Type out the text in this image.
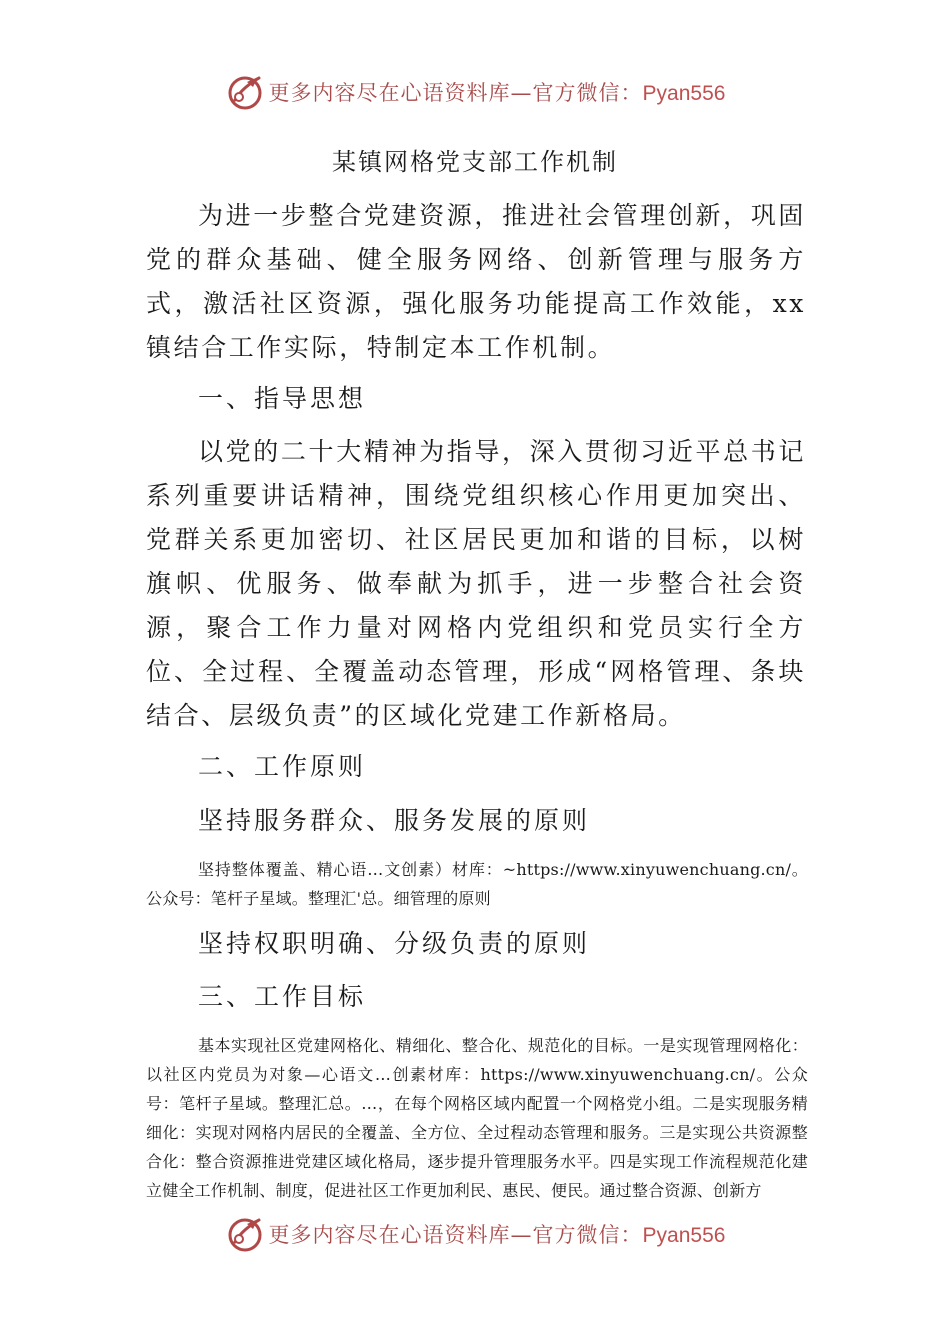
更多内容尽在心语资料库—官方微信：Pyan556
某镇网格党支部工作机制

为进一步整合党建资源，推进社会管理创新，巩固党的群众基础、健全服务网络、创新管理与服务方式，激活社区资源，强化服务功能提高工作效能，xx镇结合工作实际，特制定本工作机制。

一、指导思想

以党的二十大精神为指导，深入贯彻习近平总书记系列重要讲话精神，围绕党组织核心作用更加突出、党群关系更加密切、社区居民更加和谐的目标，以树旗帜、优服务、做奉献为抓手，进一步整合社会资源，聚合工作力量对网格内党组织和党员实行全方位、全过程、全覆盖动态管理，形成“网格管理、条块结合、层级负责”的区域化党建工作新格局。

二、工作原则

坚持服务群众、服务发展的原则

坚持整体覆盖、精心语…文创素）材库：~https://www.xinyuwenchuang.cn/。公众号：笔杆子星域。整理汇'总。细管理的原则

坚持权职明确、分级负责的原则

三、工作目标

基本实现社区党建网格化、精细化、整合化、规范化的目标。一是实现管理网格化：以社区内党员为对象—心语文…创素材库：https://www.xinyuwenchuang.cn/。公众号：笔杆子星域。整理汇总。…，在每个网格区域内配置一个网格党小组。二是实现服务精细化：实现对网格内居民的全覆盖、全方位、全过程动态管理和服务。三是实现公共资源整合化：整合资源推进党建区域化格局，逐步提升管理服务水平。四是实现工作流程规范化建立健全工作机制、制度，促进社区工作更加利民、惠民、便民。通过整合资源、创新方

更多内容尽在心语资料库—官方微信：Pyan556
